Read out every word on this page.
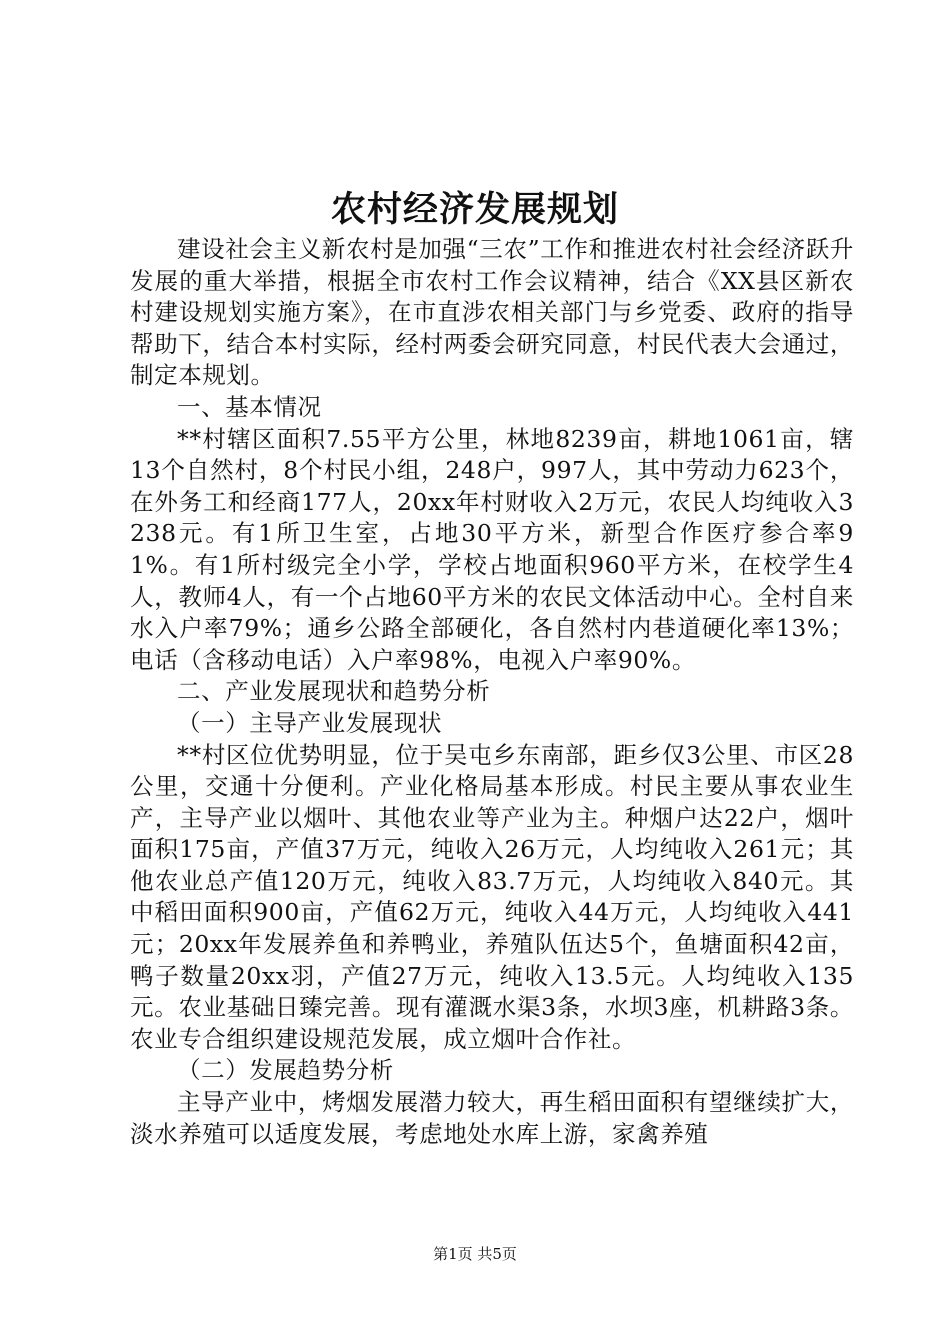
农村经济发展规划

建设社会主义新农村是加强“三农”工作和推进农村社会经济跃升发展的重大举措，根据全市农村工作会议精神，结合《XX县区新农村建设规划实施方案》，在市直涉农相关部门与乡党委、政府的指导帮助下，结合本村实际，经村两委会研究同意，村民代表大会通过，制定本规划。

一、基本情况

**村辖区面积7.55平方公里，林地8239亩，耕地1061亩，辖13个自然村，8个村民小组，248户，997人，其中劳动力623个，在外务工和经商177人，20xx年村财收入2万元，农民人均纯收入3238元。有1所卫生室，占地30平方米，新型合作医疗参合率91%。有1所村级完全小学，学校占地面积960平方米，在校学生4人，教师4人，有一个占地60平方米的农民文体活动中心。全村自来水入户率79%；通乡公路全部硬化，各自然村内巷道硬化率13%；电话（含移动电话）入户率98%，电视入户率90%。

二、产业发展现状和趋势分析

（一）主导产业发展现状

**村区位优势明显，位于吴屯乡东南部，距乡仅3公里、市区28公里，交通十分便利。产业化格局基本形成。村民主要从事农业生产，主导产业以烟叶、其他农业等产业为主。种烟户达22户，烟叶面积175亩，产值37万元，纯收入26万元，人均纯收入261元；其他农业总产值120万元，纯收入83.7万元，人均纯收入840元。其中稻田面积900亩，产值62万元，纯收入44万元，人均纯收入441元；20xx年发展养鱼和养鸭业，养殖队伍达5个，鱼塘面积42亩，鸭子数量20xx羽，产值27万元，纯收入13.5元。人均纯收入135元。农业基础日臻完善。现有灌溉水渠3条，水坝3座，机耕路3条。农业专合组织建设规范发展，成立烟叶合作社。

（二）发展趋势分析

主导产业中，烤烟发展潜力较大，再生稻田面积有望继续扩大，淡水养殖可以适度发展，考虑地处水库上游，家禽养殖

第1页 共5页
